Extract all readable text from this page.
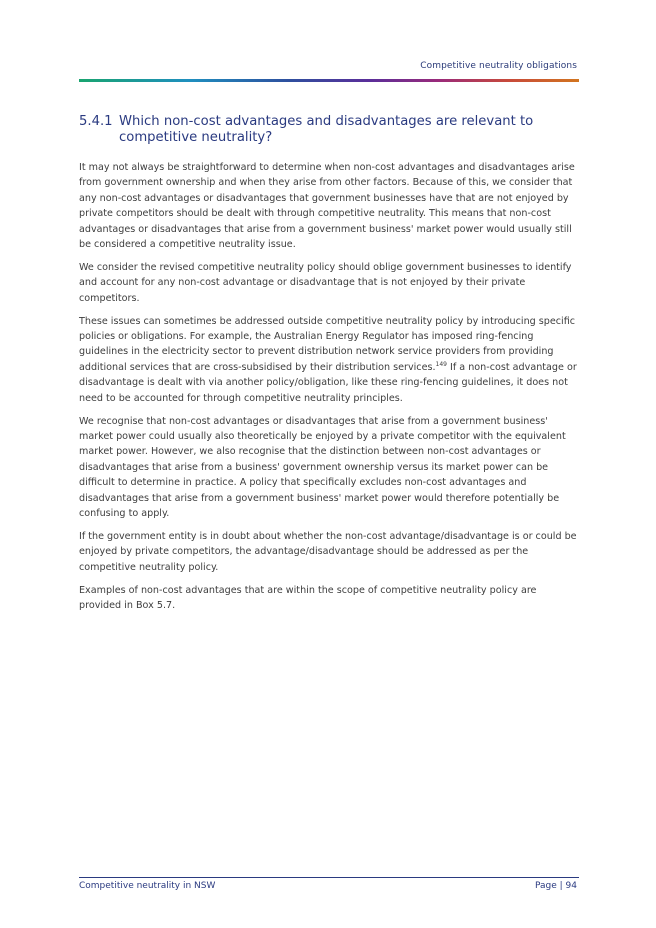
Competitive neutrality obligations
5.4.1 Which non-cost advantages and disadvantages are relevant to competitive neutrality?

It may not always be straightforward to determine when non-cost advantages and disadvantages arise from government ownership and when they arise from other factors. Because of this, we consider that any non-cost advantages or disadvantages that government businesses have that are not enjoyed by private competitors should be dealt with through competitive neutrality. This means that non-cost advantages or disadvantages that arise from a government business' market power would usually still be considered a competitive neutrality issue.

We consider the revised competitive neutrality policy should oblige government businesses to identify and account for any non-cost advantage or disadvantage that is not enjoyed by their private competitors.

These issues can sometimes be addressed outside competitive neutrality policy by introducing specific policies or obligations. For example, the Australian Energy Regulator has imposed ring-fencing guidelines in the electricity sector to prevent distribution network service providers from providing additional services that are cross-subsidised by their distribution services.$^{149}$ If a non-cost advantage or disadvantage is dealt with via another policy/obligation, like these ring-fencing guidelines, it does not need to be accounted for through competitive neutrality principles.

We recognise that non-cost advantages or disadvantages that arise from a government business' market power could usually also theoretically be enjoyed by a private competitor with the equivalent market power. However, we also recognise that the distinction between non-cost advantages or disadvantages that arise from a business' government ownership versus its market power can be difficult to determine in practice. A policy that specifically excludes non-cost advantages and disadvantages that arise from a government business' market power would therefore potentially be confusing to apply.

If the government entity is in doubt about whether the non-cost advantage/disadvantage is or could be enjoyed by private competitors, the advantage/disadvantage should be addressed as per the competitive neutrality policy.

Examples of non-cost advantages that are within the scope of competitive neutrality policy are provided in Box 5.7.

Competitive neutrality in NSW	Page | 94
